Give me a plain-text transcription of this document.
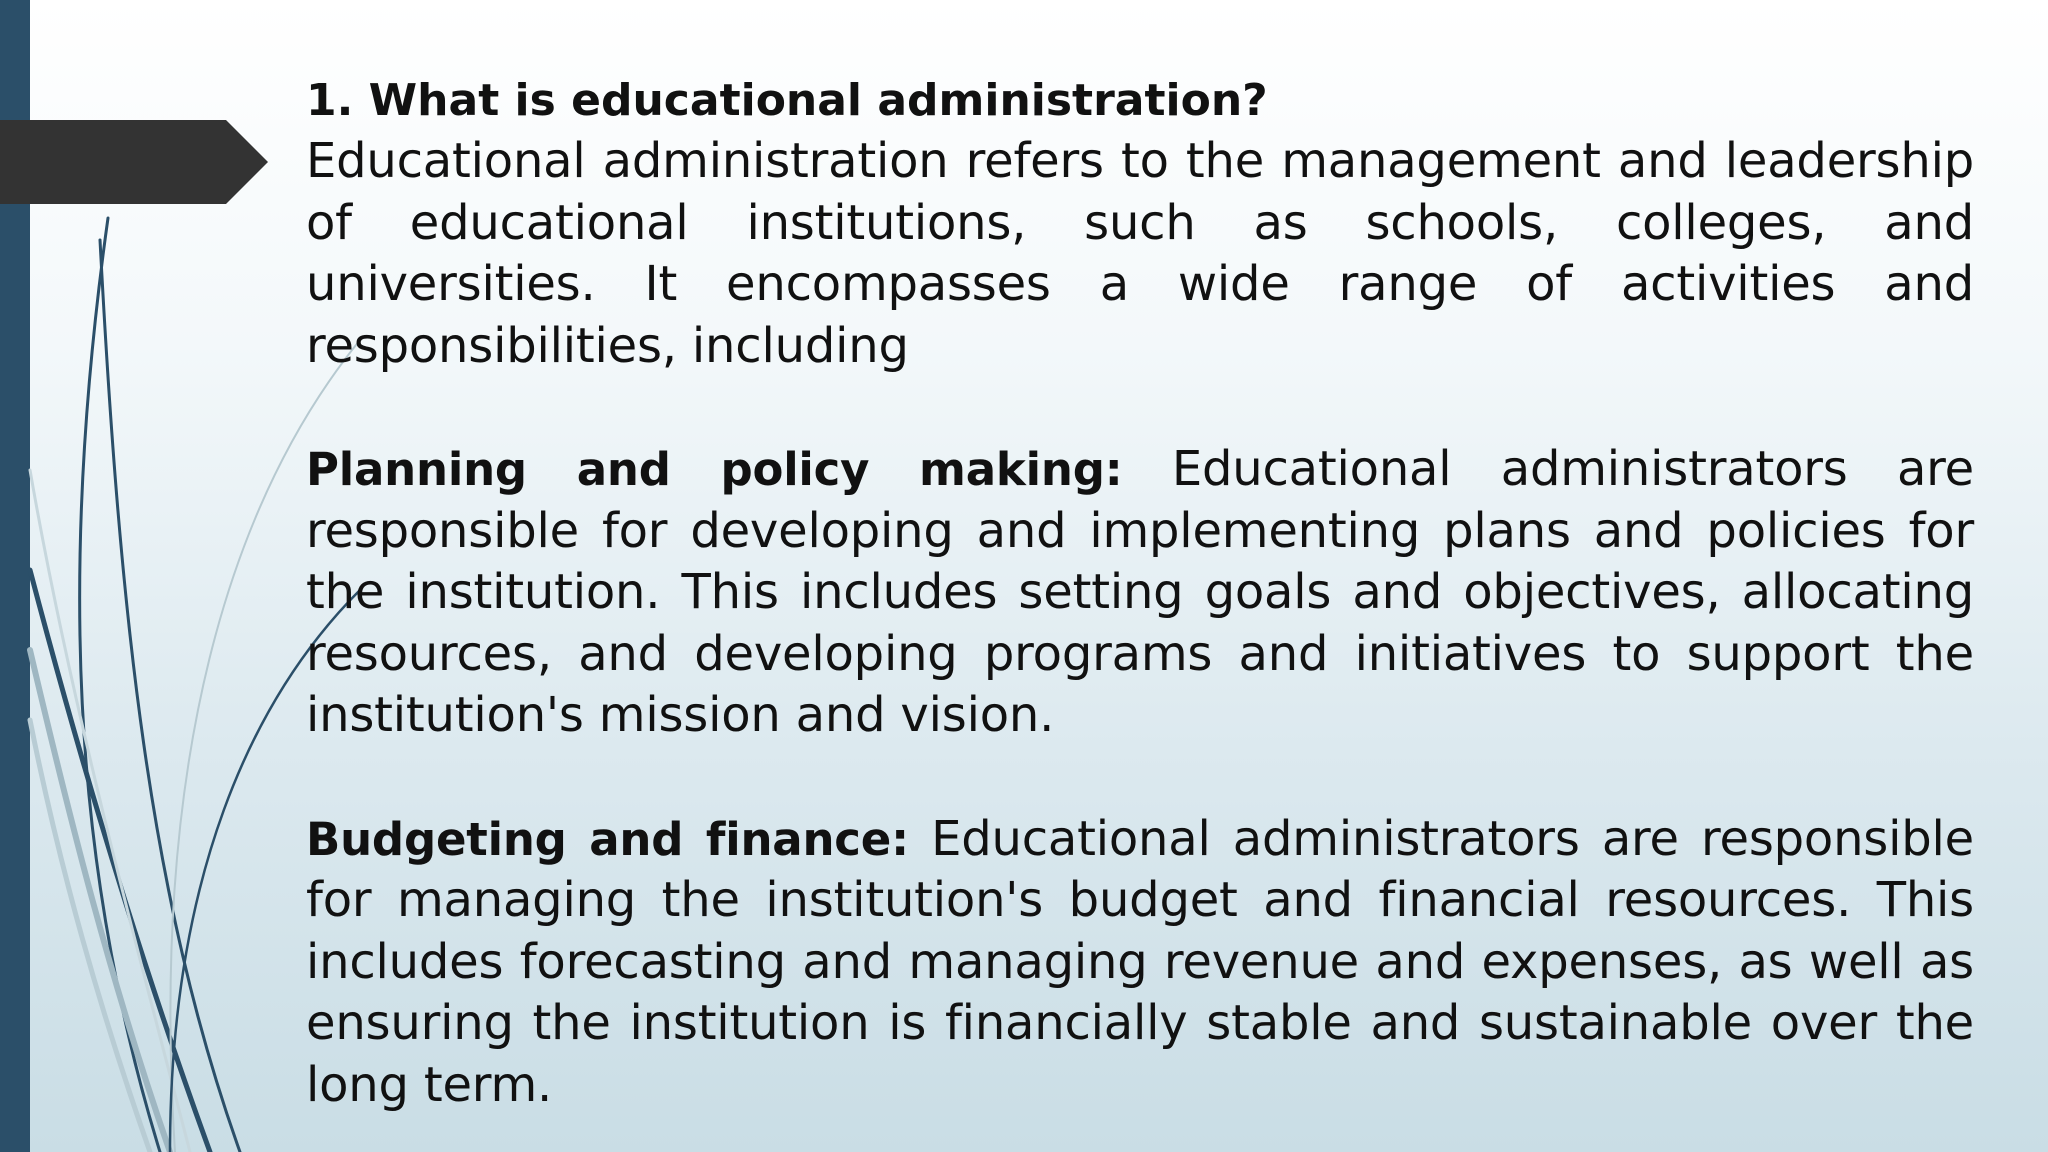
1. What is educational administration?

Educational administration refers to the management and leadership of educational institutions, such as schools, colleges, and universities. It encompasses a wide range of activities and responsibilities, including

Planning and policy making: Educational administrators are responsible for developing and implementing plans and policies for the institution. This includes setting goals and objectives, allocating resources, and developing programs and initiatives to support the institution's mission and vision.

Budgeting and finance: Educational administrators are responsible for managing the institution's budget and financial resources. This includes forecasting and managing revenue and expenses, as well as ensuring the institution is financially stable and sustainable over the long term.
